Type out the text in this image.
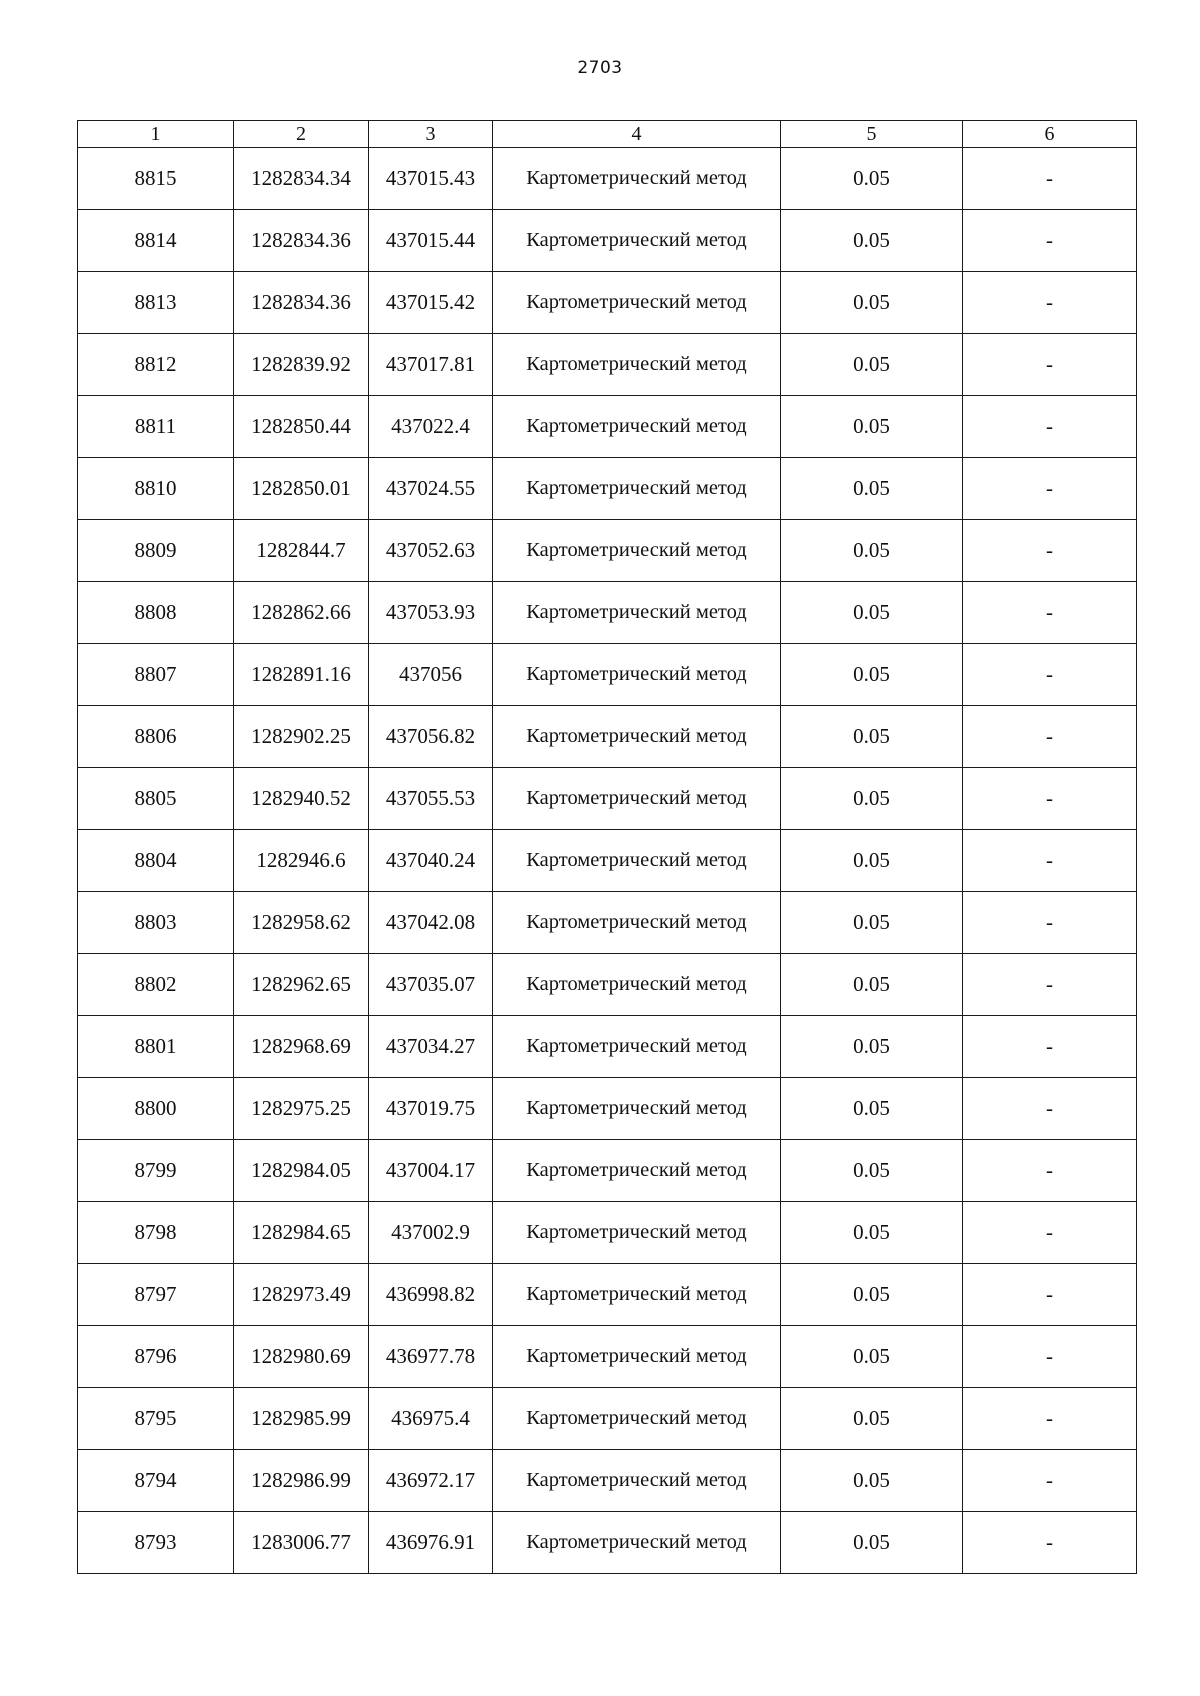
2703
1	2	3	4	5	6
8815	1282834.34	437015.43	Картометрический метод	0.05	-
8814	1282834.36	437015.44	Картометрический метод	0.05	-
8813	1282834.36	437015.42	Картометрический метод	0.05	-
8812	1282839.92	437017.81	Картометрический метод	0.05	-
8811	1282850.44	437022.4	Картометрический метод	0.05	-
8810	1282850.01	437024.55	Картометрический метод	0.05	-
8809	1282844.7	437052.63	Картометрический метод	0.05	-
8808	1282862.66	437053.93	Картометрический метод	0.05	-
8807	1282891.16	437056	Картометрический метод	0.05	-
8806	1282902.25	437056.82	Картометрический метод	0.05	-
8805	1282940.52	437055.53	Картометрический метод	0.05	-
8804	1282946.6	437040.24	Картометрический метод	0.05	-
8803	1282958.62	437042.08	Картометрический метод	0.05	-
8802	1282962.65	437035.07	Картометрический метод	0.05	-
8801	1282968.69	437034.27	Картометрический метод	0.05	-
8800	1282975.25	437019.75	Картометрический метод	0.05	-
8799	1282984.05	437004.17	Картометрический метод	0.05	-
8798	1282984.65	437002.9	Картометрический метод	0.05	-
8797	1282973.49	436998.82	Картометрический метод	0.05	-
8796	1282980.69	436977.78	Картометрический метод	0.05	-
8795	1282985.99	436975.4	Картометрический метод	0.05	-
8794	1282986.99	436972.17	Картометрический метод	0.05	-
8793	1283006.77	436976.91	Картометрический метод	0.05	-
